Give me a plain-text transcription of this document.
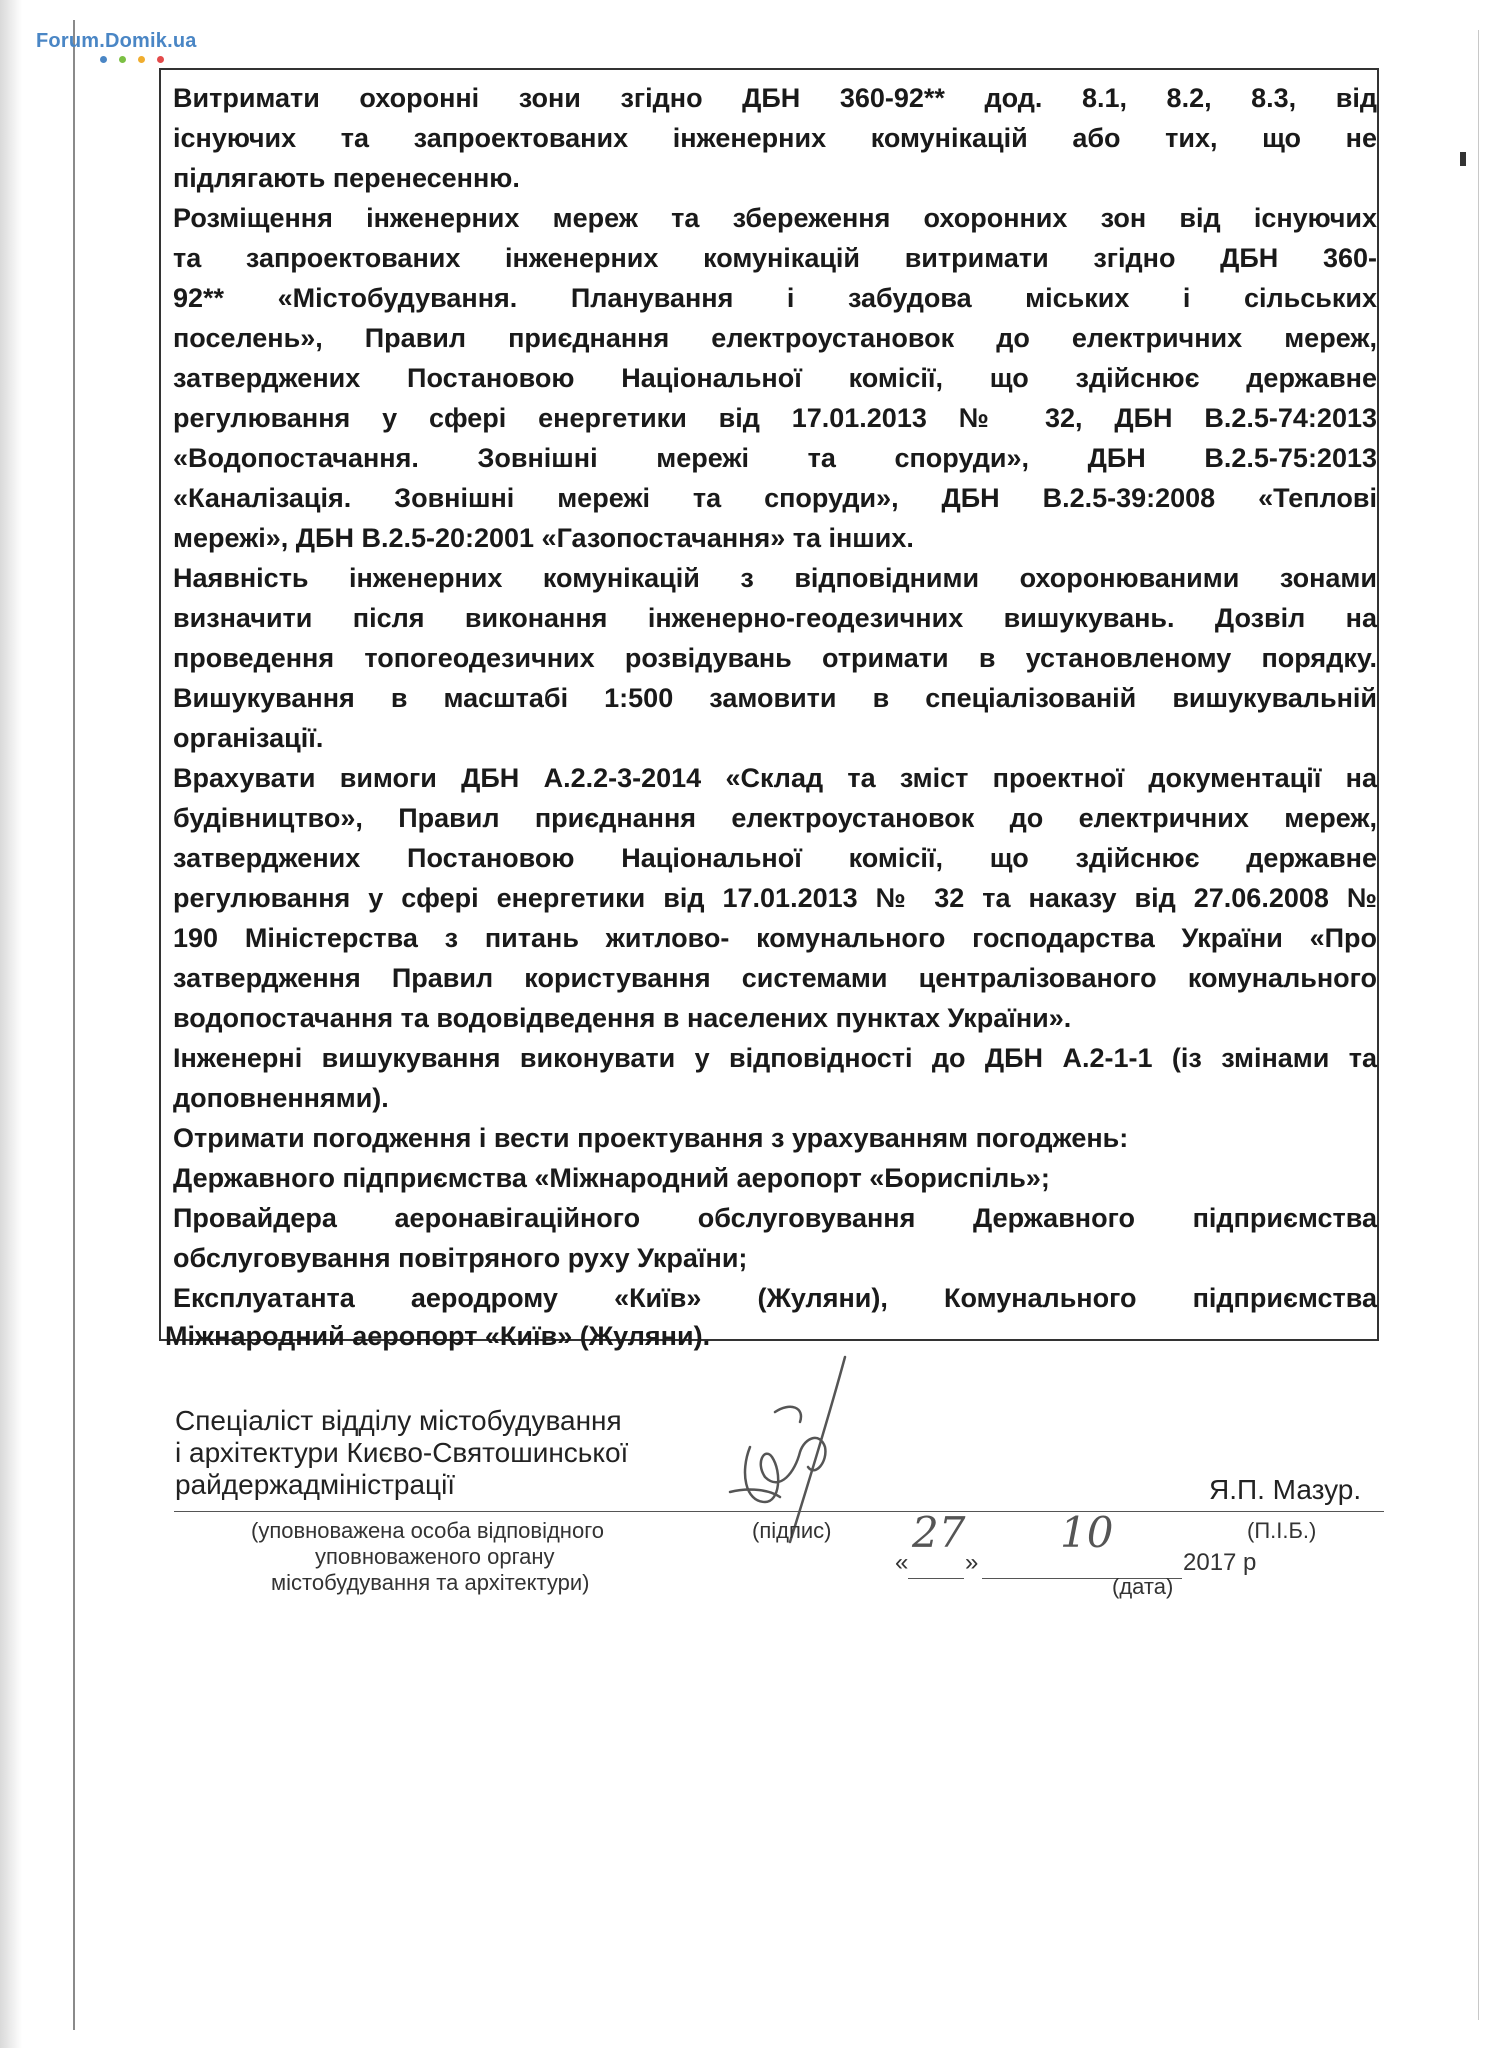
Forum.Domik.ua
Витримати охоронні зони згідно ДБН 360-92** дод. 8.1, 8.2, 8.3, від
існуючих та запроектованих інженерних комунікацій або тих, що не
підлягають перенесенню.
Розміщення інженерних мереж та збереження охоронних зон від існуючих
та запроектованих інженерних комунікацій витримати згідно ДБН 360-
92** «Містобудування. Планування і забудова міських і сільських
поселень», Правил приєднання електроустановок до електричних мереж,
затверджених Постановою Національної комісії, що здійснює державне
регулювання у сфері енергетики від 17.01.2013 № 32, ДБН В.2.5-74:2013
«Водопостачання. Зовнішні мережі та споруди», ДБН В.2.5-75:2013
«Каналізація. Зовнішні мережі та споруди», ДБН В.2.5-39:2008 «Теплові
мережі», ДБН В.2.5-20:2001 «Газопостачання» та інших.
Наявність інженерних комунікацій з відповідними охоронюваними зонами
визначити після виконання інженерно-геодезичних вишукувань. Дозвіл на
проведення топогеодезичних розвідувань отримати в установленому порядку.
Вишукування в масштабі 1:500 замовити в спеціалізованій вишукувальній
організації.
Врахувати вимоги ДБН А.2.2-3-2014 «Склад та зміст проектної документації на
будівництво», Правил приєднання електроустановок до електричних мереж,
затверджених Постановою Національної комісії, що здійснює державне
регулювання у сфері енергетики від 17.01.2013 № 32 та наказу від 27.06.2008 №
190 Міністерства з питань житлово- комунального господарства України «Про
затвердження Правил користування системами централізованого комунального
водопостачання та водовідведення в населених пунктах України».
Інженерні вишукування виконувати у відповідності до ДБН А.2-1-1 (із змінами та
доповненнями).
Отримати погодження і вести проектування з урахуванням погоджень:
Державного підприємства «Міжнародний аеропорт «Бориспіль»;
Провайдера аеронавігаційного обслуговування Державного підприємства
обслуговування повітряного руху України;
Експлуатанта аеродрому «Київ» (Жуляни), Комунального підприємства
Міжнародний аеропорт «Київ» (Жуляни).
Спеціаліст відділу містобудування
і архітектури Києво-Святошинської
райдержадміністрації	Я.П. Мазур.
(уповноважена особа відповідного
уповноваженого органу
містобудування та архітектури)
(підпис)	(П.І.Б.)
«
27
»
10
2017 р
(дата)
